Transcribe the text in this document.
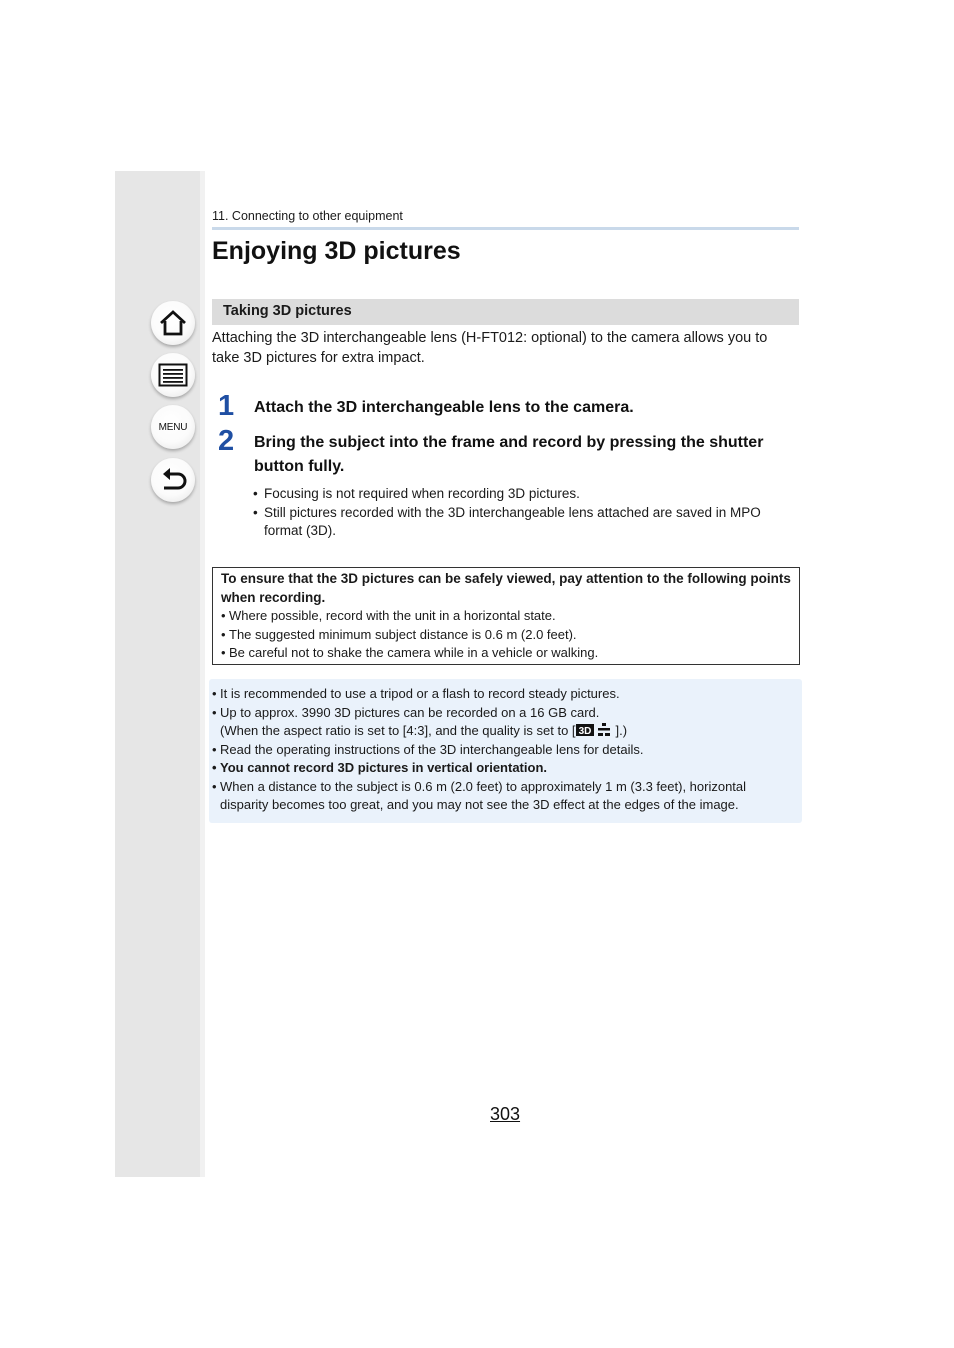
MENU
11. Connecting to other equipment
Enjoying 3D pictures
Taking 3D pictures

Attaching the 3D interchangeable lens (H-FT012: optional) to the camera allows you to take 3D pictures for extra impact.

1 Attach the 3D interchangeable lens to the camera.
2 Bring the subject into the frame and record by pressing the shutter button fully.
• Focusing is not required when recording 3D pictures.
• Still pictures recorded with the 3D interchangeable lens attached are saved in MPO format (3D).

To ensure that the 3D pictures can be safely viewed, pay attention to the following points when recording.

• Where possible, record with the unit in a horizontal state.
• The suggested minimum subject distance is 0.6 m (2.0 feet).
• Be careful not to shake the camera while in a vehicle or walking.
• It is recommended to use a tripod or a flash to record steady pictures.
• Up to approx. 3990 3D pictures can be recorded on a 16 GB card.
(When the aspect ratio is set to [4:3], and the quality is set to [ 3D ].)
• Read the operating instructions of the 3D interchangeable lens for details.
• You cannot record 3D pictures in vertical orientation.
• When a distance to the subject is 0.6 m (2.0 feet) to approximately 1 m (3.3 feet), horizontal disparity becomes too great, and you may not see the 3D effect at the edges of the image.
303
